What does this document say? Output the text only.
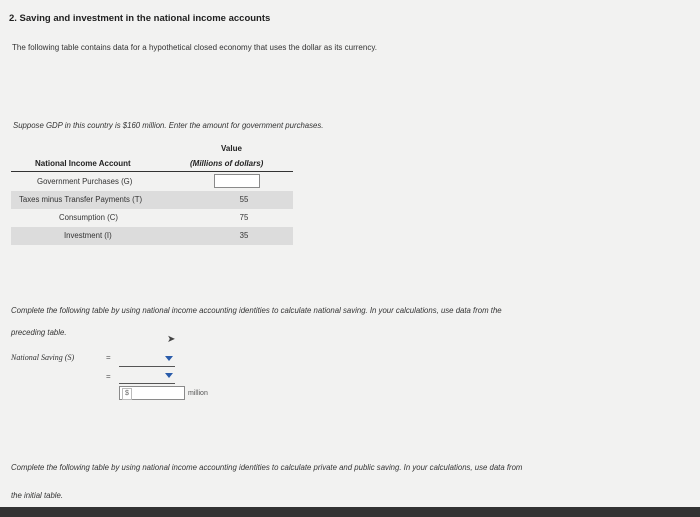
2. Saving and investment in the national income accounts
The following table contains data for a hypothetical closed economy that uses the dollar as its currency.
Suppose GDP in this country is $160 million. Enter the amount for government purchases.
Value
National Income Account	(Millions of dollars)
Government Purchases (G)
Taxes minus Transfer Payments (T)	55
Consumption (C)	75
Investment (I)	35
Complete the following table by using national income accounting identities to calculate national saving. In your calculations, use data from the
preceding table.
➤
National Saving (S)	=
=
$	million
Complete the following table by using national income accounting identities to calculate private and public saving. In your calculations, use data from
the initial table.
